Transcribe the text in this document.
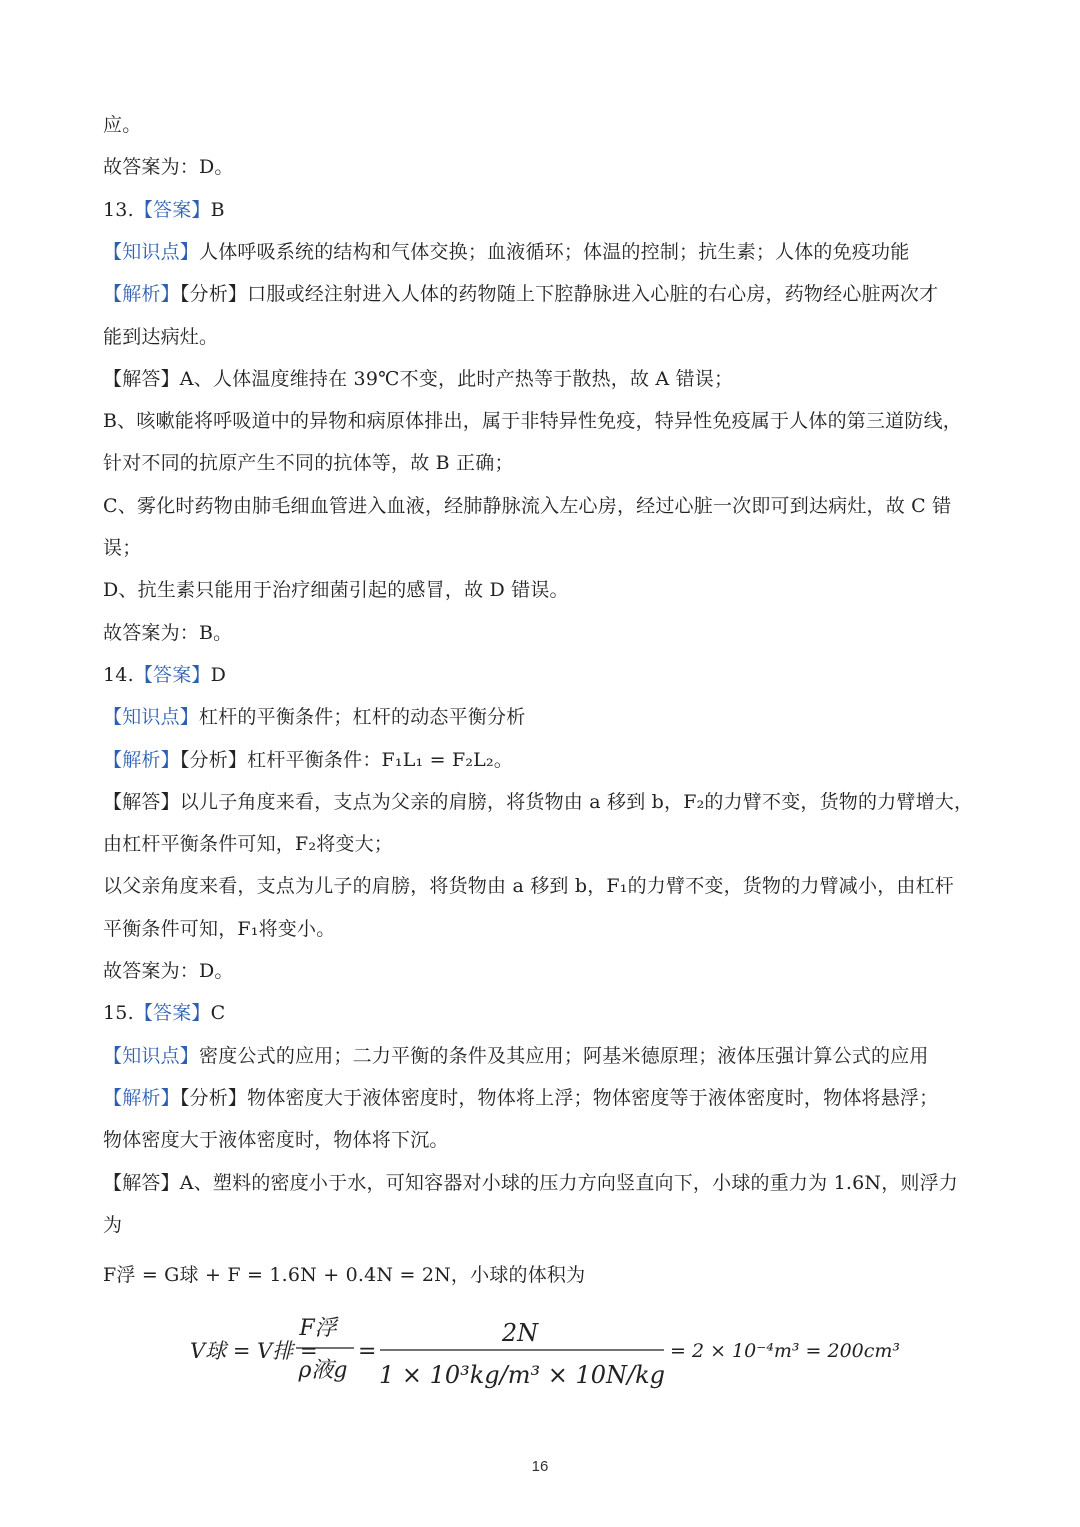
应。
故答案为：D。
13.【答案】B
【知识点】人体呼吸系统的结构和气体交换；血液循环；体温的控制；抗生素；人体的免疫功能
【解析】【分析】口服或经注射进入人体的药物随上下腔静脉进入心脏的右心房，药物经心脏两次才
能到达病灶。
【解答】A、人体温度维持在 39℃不变，此时产热等于散热，故 A 错误；
B、咳嗽能将呼吸道中的异物和病原体排出，属于非特异性免疫，特异性免疫属于人体的第三道防线，
针对不同的抗原产生不同的抗体等，故 B 正确；
C、雾化时药物由肺毛细血管进入血液，经肺静脉流入左心房，经过心脏一次即可到达病灶，故 C 错
误；
D、抗生素只能用于治疗细菌引起的感冒，故 D 错误。
故答案为：B。
14.【答案】D
【知识点】杠杆的平衡条件；杠杆的动态平衡分析
【解析】【分析】杠杆平衡条件：F₁L₁ = F₂L₂。
【解答】以儿子角度来看，支点为父亲的肩膀，将货物由 a 移到 b，F₂的力臂不变，货物的力臂增大，
由杠杆平衡条件可知，F₂将变大；
以父亲角度来看，支点为儿子的肩膀，将货物由 a 移到 b，F₁的力臂不变，货物的力臂减小，由杠杆
平衡条件可知，F₁将变小。
故答案为：D。
15.【答案】C
【知识点】密度公式的应用；二力平衡的条件及其应用；阿基米德原理；液体压强计算公式的应用
【解析】【分析】物体密度大于液体密度时，物体将上浮；物体密度等于液体密度时，物体将悬浮；
物体密度大于液体密度时，物体将下沉。
【解答】A、塑料的密度小于水，可知容器对小球的压力方向竖直向下，小球的重力为 1.6N，则浮力
为
F浮 = G球 + F = 1.6N + 0.4N = 2N，小球的体积为
V球 = V排 =
F浮
ρ液g
=
2N
1 × 10³kg/m³ × 10N/kg
= 2 × 10⁻⁴m³ = 200cm³
16
